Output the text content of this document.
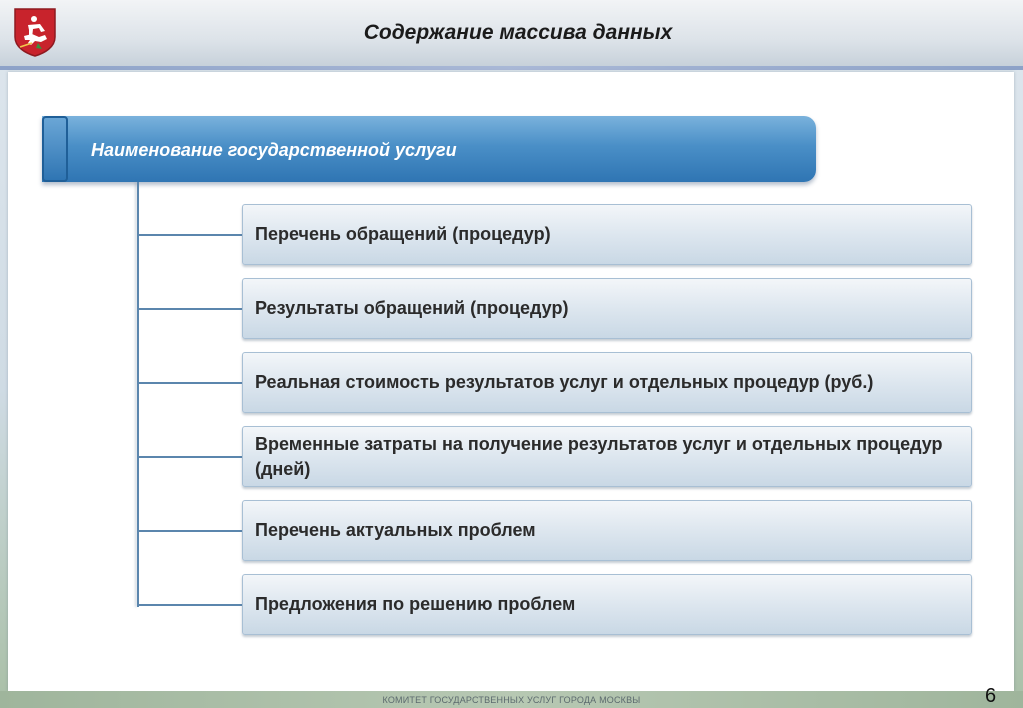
Содержание массива данных
Наименование государственной услуги
Перечень обращений (процедур)
Результаты обращений (процедур)
Реальная стоимость результатов услуг и отдельных процедур (руб.)
Временные затраты на получение результатов услуг и отдельных процедур (дней)
Перечень актуальных проблем
Предложения по решению проблем
КОМИТЕТ ГОСУДАРСТВЕННЫХ УСЛУГ ГОРОДА МОСКВЫ	6
